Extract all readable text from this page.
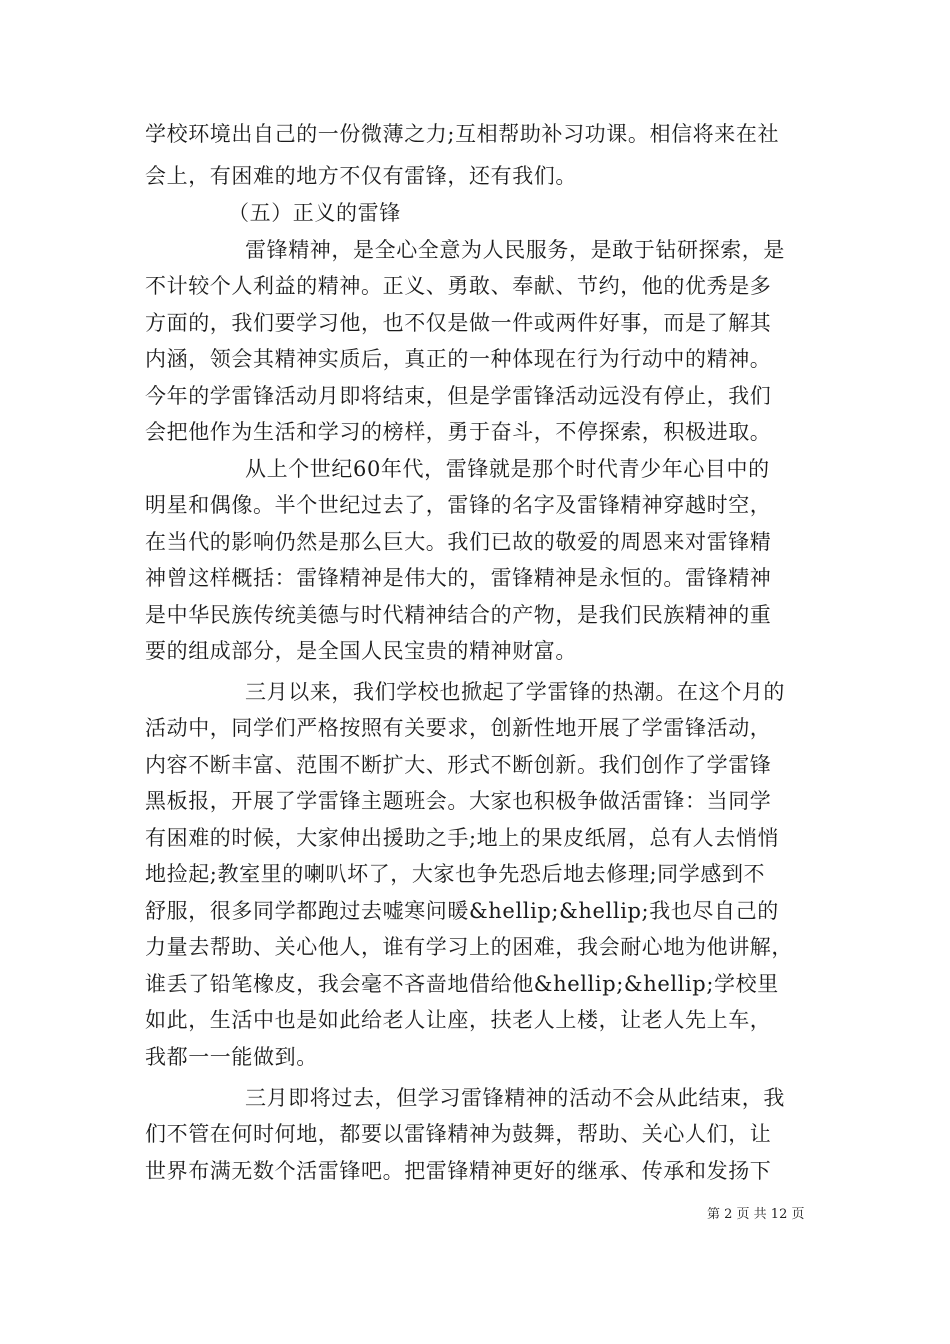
学校环境出自己的一份微薄之力;互相帮助补习功课。相信将来在社
会上，有困难的地方不仅有雷锋，还有我们。
（五）正义的雷锋
雷锋精神，是全心全意为人民服务，是敢于钻研探索，是
不计较个人利益的精神。正义、勇敢、奉献、节约，他的优秀是多
方面的，我们要学习他，也不仅是做一件或两件好事，而是了解其
内涵，领会其精神实质后，真正的一种体现在行为行动中的精神。
今年的学雷锋活动月即将结束，但是学雷锋活动远没有停止，我们
会把他作为生活和学习的榜样，勇于奋斗，不停探索，积极进取。
从上个世纪60年代，雷锋就是那个时代青少年心目中的
明星和偶像。半个世纪过去了，雷锋的名字及雷锋精神穿越时空，
在当代的影响仍然是那么巨大。我们已故的敬爱的周恩来对雷锋精
神曾这样概括：雷锋精神是伟大的，雷锋精神是永恒的。雷锋精神
是中华民族传统美德与时代精神结合的产物，是我们民族精神的重
要的组成部分，是全国人民宝贵的精神财富。
三月以来，我们学校也掀起了学雷锋的热潮。在这个月的
活动中，同学们严格按照有关要求，创新性地开展了学雷锋活动，
内容不断丰富、范围不断扩大、形式不断创新。我们创作了学雷锋
黑板报，开展了学雷锋主题班会。大家也积极争做活雷锋：当同学
有困难的时候，大家伸出援助之手;地上的果皮纸屑，总有人去悄悄
地捡起;教室里的喇叭坏了，大家也争先恐后地去修理;同学感到不
舒服，很多同学都跑过去嘘寒问暖&hellip;&hellip;我也尽自己的
力量去帮助、关心他人，谁有学习上的困难，我会耐心地为他讲解，
谁丢了铅笔橡皮，我会毫不吝啬地借给他&hellip;&hellip;学校里
如此，生活中也是如此给老人让座，扶老人上楼，让老人先上车，
我都一一能做到。
三月即将过去，但学习雷锋精神的活动不会从此结束，我
们不管在何时何地，都要以雷锋精神为鼓舞，帮助、关心人们，让
世界布满无数个活雷锋吧。把雷锋精神更好的继承、传承和发扬下
第 2 页 共 12 页
